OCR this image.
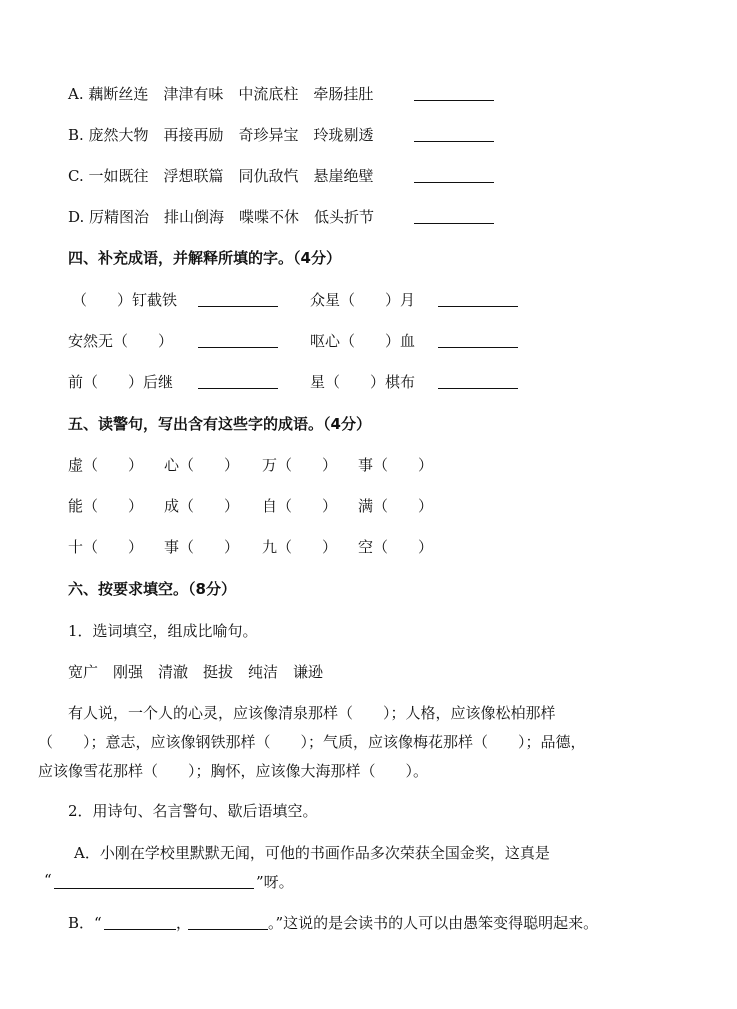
A. 藕断丝连　津津有味　中流底柱　牵肠挂肚
B. 庞然大物　再接再励　奇珍异宝　玲珑剔透
C. 一如既往　浮想联篇　同仇敌忾　悬崖绝壁
D. 厉精图治　排山倒海　喋喋不休　低头折节
四、补充成语，并解释所填的字。（4分）
（　　）钉截铁	众星（　　）月
安然无（　　）	呕心（　　）血
前（　　）后继	星（　　）棋布
五、读警句，写出含有这些字的成语。（4分）
虚（　　） 心（　　） 万（　　） 事（　　）
能（　　） 成（　　） 自（　　） 满（　　）
十（　　） 事（　　） 九（　　） 空（　　）
六、按要求填空。（8分）
1．选词填空，组成比喻句。
宽广　刚强　清澈　挺拔　纯洁　谦逊
有人说，一个人的心灵，应该像清泉那样（　　）；人格，应该像松柏那样
（　　）；意志，应该像钢铁那样（　　）；气质，应该像梅花那样（　　）；品德，
应该像雪花那样（　　）；胸怀，应该像大海那样（　　）。
2．用诗句、名言警句、歇后语填空。
A．小刚在学校里默默无闻，可他的书画作品多次荣获全国金奖，这真是
“	”呀。
B．“	，	。”这说的是会读书的人可以由愚笨变得聪明起来。
